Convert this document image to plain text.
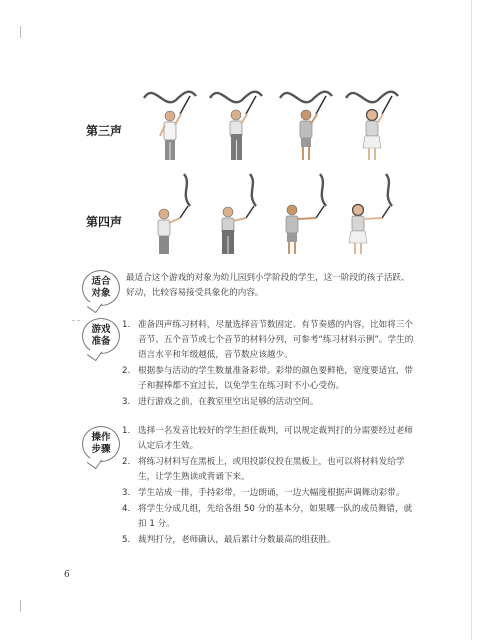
第三声
第四声
适合
对象
最适合这个游戏的对象为幼儿园到小学阶段的学生，这一阶段的孩子活跃、好动，比较容易接受具象化的内容。
游戏
准备
1. 准备四声练习材料，尽量选择音节数固定、有节奏感的内容，比如将三个音节、五个音节或七个音节的材料分列，可参考“练习材料示例”。学生的语言水平和年级越低，音节数应该越少。
2. 根据参与活动的学生数量准备彩带。彩带的颜色要鲜艳，宽度要适宜，带子和握棒都不宜过长，以免学生在练习时不小心受伤。
3. 进行游戏之前，在教室里空出足够的活动空间。
操作
步骤
1. 选择一名发音比较好的学生担任裁判，可以规定裁判打的分需要经过老师认定后才生效。
2. 将练习材料写在黑板上，或用投影仪投在黑板上，也可以将材料发给学生，让学生熟读或背诵下来。
3. 学生站成一排，手持彩带，一边朗诵，一边大幅度根据声调舞动彩带。
4. 将学生分成几组，先给各组 50 分的基本分，如果哪一队的成员舞错，就扣 1 分。
5. 裁判打分，老师确认，最后累计分数最高的组获胜。
6
